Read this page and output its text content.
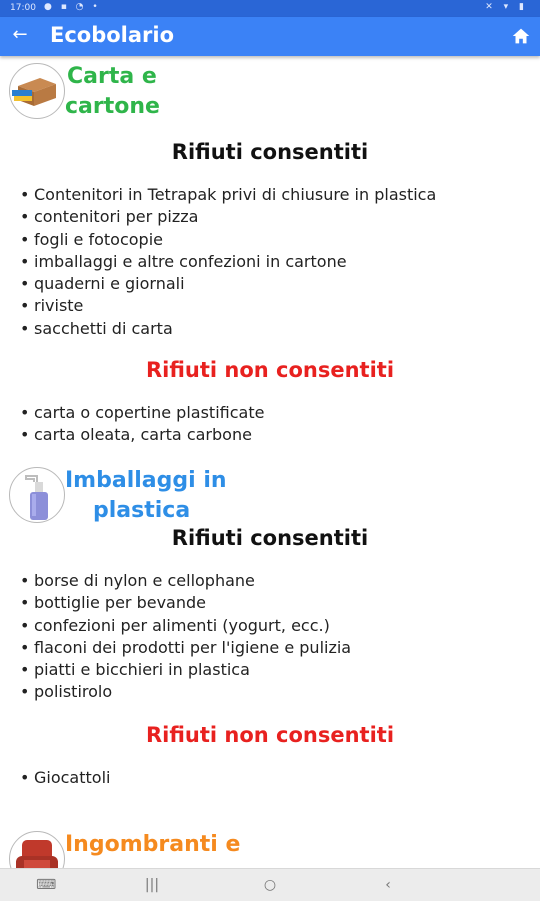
17:00 ● ▪ ◔ •	✕ ▾ ▮
← Ecobolario
Carta e
cartone
Rifiuti consentiti
• Contenitori in Tetrapak privi di chiusure in plastica
• contenitori per pizza
• fogli e fotocopie
• imballaggi e altre confezioni in cartone
• quaderni e giornali
• riviste
• sacchetti di carta
Rifiuti non consentiti
• carta o copertine plastificate
• carta oleata, carta carbone
Imballaggi in
plastica
Rifiuti consentiti
• borse di nylon e cellophane
• bottiglie per bevande
• confezioni per alimenti (yogurt, ecc.)
• flaconi dei prodotti per l'igiene e pulizia
• piatti e bicchieri in plastica
• polistirolo
Rifiuti non consentiti
• Giocattoli
Ingombranti e
⌨	|||	○	‹
